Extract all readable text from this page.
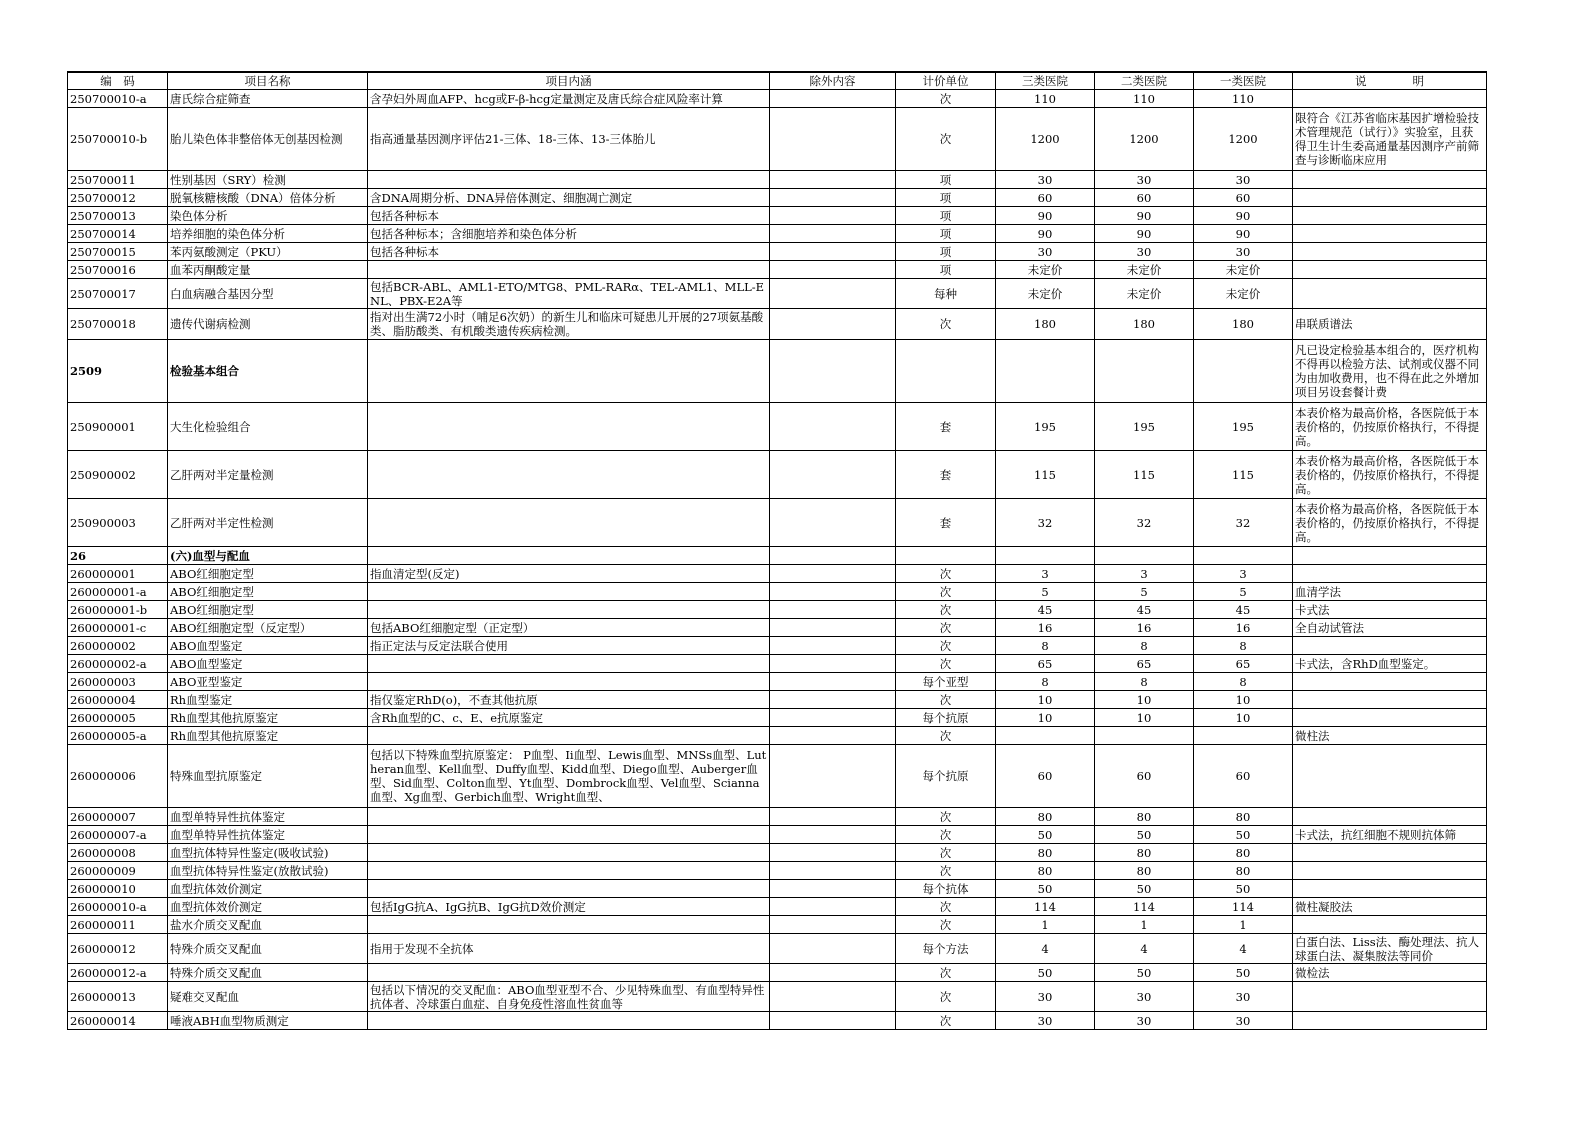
编　码	项目名称	项目内涵	除外内容	计价单位	三类医院	二类医院	一类医院	说　　　　明

250700010-a	唐氏综合症筛查	含孕妇外周血AFP、hcg或F-β-hcg定量测定及唐氏综合症风险率计算		次	110	110	110	

250700010-b	胎儿染色体非整倍体无创基因检测	指高通量基因测序评估21-三体、18-三体、13-三体胎儿		次	1200	1200	1200	限符合《江苏省临床基因扩增检验技术管理规范（试行）》实验室，且获得卫生计生委高通量基因测序产前筛查与诊断临床应用

250700011	性别基因（SRY）检测			项	30	30	30	

250700012	脱氧核糖核酸（DNA）倍体分析	含DNA周期分析、DNA异倍体测定、细胞凋亡测定		项	60	60	60	

250700013	染色体分析	包括各种标本		项	90	90	90	

250700014	培养细胞的染色体分析	包括各种标本；含细胞培养和染色体分析		项	90	90	90	

250700015	苯丙氨酸测定（PKU）	包括各种标本		项	30	30	30	

250700016	血苯丙酮酸定量			项	未定价	未定价	未定价	

250700017	白血病融合基因分型	包括BCR-ABL、AML1-ETO/MTG8、PML-RARα、TEL-AML1、MLL-ENL、PBX-E2A等		每种	未定价	未定价	未定价	

250700018	遗传代谢病检测	指对出生满72小时（哺足6次奶）的新生儿和临床可疑患儿开展的27项氨基酸类、脂肪酸类、有机酸类遗传疾病检测。		次	180	180	180	串联质谱法

2509	检验基本组合							凡已设定检验基本组合的，医疗机构不得再以检验方法、试剂或仪器不同为由加收费用，也不得在此之外增加项目另设套餐计费

250900001	大生化检验组合			套	195	195	195	本表价格为最高价格，各医院低于本表价格的，仍按原价格执行，不得提高。

250900002	乙肝两对半定量检测			套	115	115	115	本表价格为最高价格，各医院低于本表价格的，仍按原价格执行，不得提高。

250900003	乙肝两对半定性检测			套	32	32	32	本表价格为最高价格，各医院低于本表价格的，仍按原价格执行，不得提高。

26	(六)血型与配血							

260000001	ABO红细胞定型	指血清定型(反定)		次	3	3	3	

260000001-a	ABO红细胞定型			次	5	5	5	血清学法

260000001-b	ABO红细胞定型			次	45	45	45	卡式法

260000001-c	ABO红细胞定型（反定型）	包括ABO红细胞定型（正定型）		次	16	16	16	全自动试管法

260000002	ABO血型鉴定	指正定法与反定法联合使用		次	8	8	8	

260000002-a	ABO血型鉴定			次	65	65	65	卡式法，含RhD血型鉴定。

260000003	ABO亚型鉴定			每个亚型	8	8	8	

260000004	Rh血型鉴定	指仅鉴定RhD(o)，不查其他抗原		次	10	10	10	

260000005	Rh血型其他抗原鉴定	含Rh血型的C、c、E、e抗原鉴定		每个抗原	10	10	10	

260000005-a	Rh血型其他抗原鉴定			次				微柱法

260000006	特殊血型抗原鉴定	包括以下特殊血型抗原鉴定： P血型、Ii血型、Lewis血型、MNSs血型、Lutheran血型、Kell血型、Duffy血型、Kidd血型、Diego血型、Auberger血型、Sid血型、Colton血型、Yt血型、Dombrock血型、Vel血型、Scianna血型、Xg血型、Gerbich血型、Wright血型、		每个抗原	60	60	60	

260000007	血型单特异性抗体鉴定			次	80	80	80	

260000007-a	血型单特异性抗体鉴定			次	50	50	50	卡式法，抗红细胞不规则抗体筛

260000008	血型抗体特异性鉴定(吸收试验)			次	80	80	80	

260000009	血型抗体特异性鉴定(放散试验)			次	80	80	80	

260000010	血型抗体效价测定			每个抗体	50	50	50	

260000010-a	血型抗体效价测定	包括IgG抗A、IgG抗B、IgG抗D效价测定		次	114	114	114	微柱凝胶法

260000011	盐水介质交叉配血			次	1	1	1	

260000012	特殊介质交叉配血	指用于发现不全抗体		每个方法	4	4	4	白蛋白法、Liss法、酶处理法、抗人球蛋白法、凝集胺法等同价

260000012-a	特殊介质交叉配血			次	50	50	50	微检法

260000013	疑难交叉配血	包括以下情况的交叉配血：ABO血型亚型不合、少见特殊血型、有血型特异性抗体者、冷球蛋白血症、自身免疫性溶血性贫血等		次	30	30	30	

260000014	唾液ABH血型物质测定			次	30	30	30	
